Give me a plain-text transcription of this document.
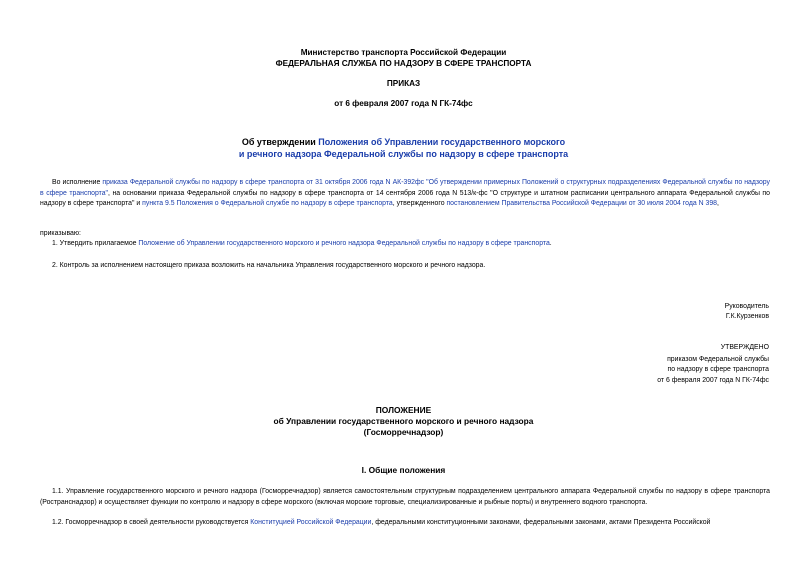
Министерство транспорта Российской Федерации
ФЕДЕРАЛЬНАЯ СЛУЖБА ПО НАДЗОРУ В СФЕРЕ ТРАНСПОРТА
ПРИКАЗ
от 6 февраля 2007 года N ГК-74фс
Об утверждении Положения об Управлении государственного морского
и речного надзора Федеральной службы по надзору в сфере транспорта
Во исполнение приказа Федеральной службы по надзору в сфере транспорта от 31 октября 2006 года N АК-392фс "Об утверждении примерных Положений о структурных подразделениях Федеральной службы по надзору в сфере транспорта", на основании приказа Федеральной службы по надзору в сфере транспорта от 14 сентября 2006 года N 513/к-фс "О структуре и штатном расписании центрального аппарата Федеральной службы по надзору в сфере транспорта" и пункта 9.5 Положения о Федеральной службе по надзору в сфере транспорта, утвержденного постановлением Правительства Российской Федерации от 30 июля 2004 года N 398,
приказываю:
1. Утвердить прилагаемое Положение об Управлении государственного морского и речного надзора Федеральной службы по надзору в сфере транспорта.
2. Контроль за исполнением настоящего приказа возложить на начальника Управления государственного морского и речного надзора.
Руководитель
Г.К.Курзенков
УТВЕРЖДЕНО
приказом Федеральной службы
по надзору в сфере транспорта
от 6 февраля 2007 года N ГК-74фс
ПОЛОЖЕНИЕ
об Управлении государственного морского и речного надзора
(Госморречнадзор)
I. Общие положения
1.1. Управление государственного морского и речного надзора (Госморречнадзор) является самостоятельным структурным подразделением центрального аппарата Федеральной службы по надзору в сфере транспорта (Ространснадзор) и осуществляет функции по контролю и надзору в сфере морского (включая морские торговые, специализированные и рыбные порты) и внутреннего водного транспорта.
1.2. Госморречнадзор в своей деятельности руководствуется Конституцией Российской Федерации, федеральными конституционными законами, федеральными законами, актами Президента Российской
